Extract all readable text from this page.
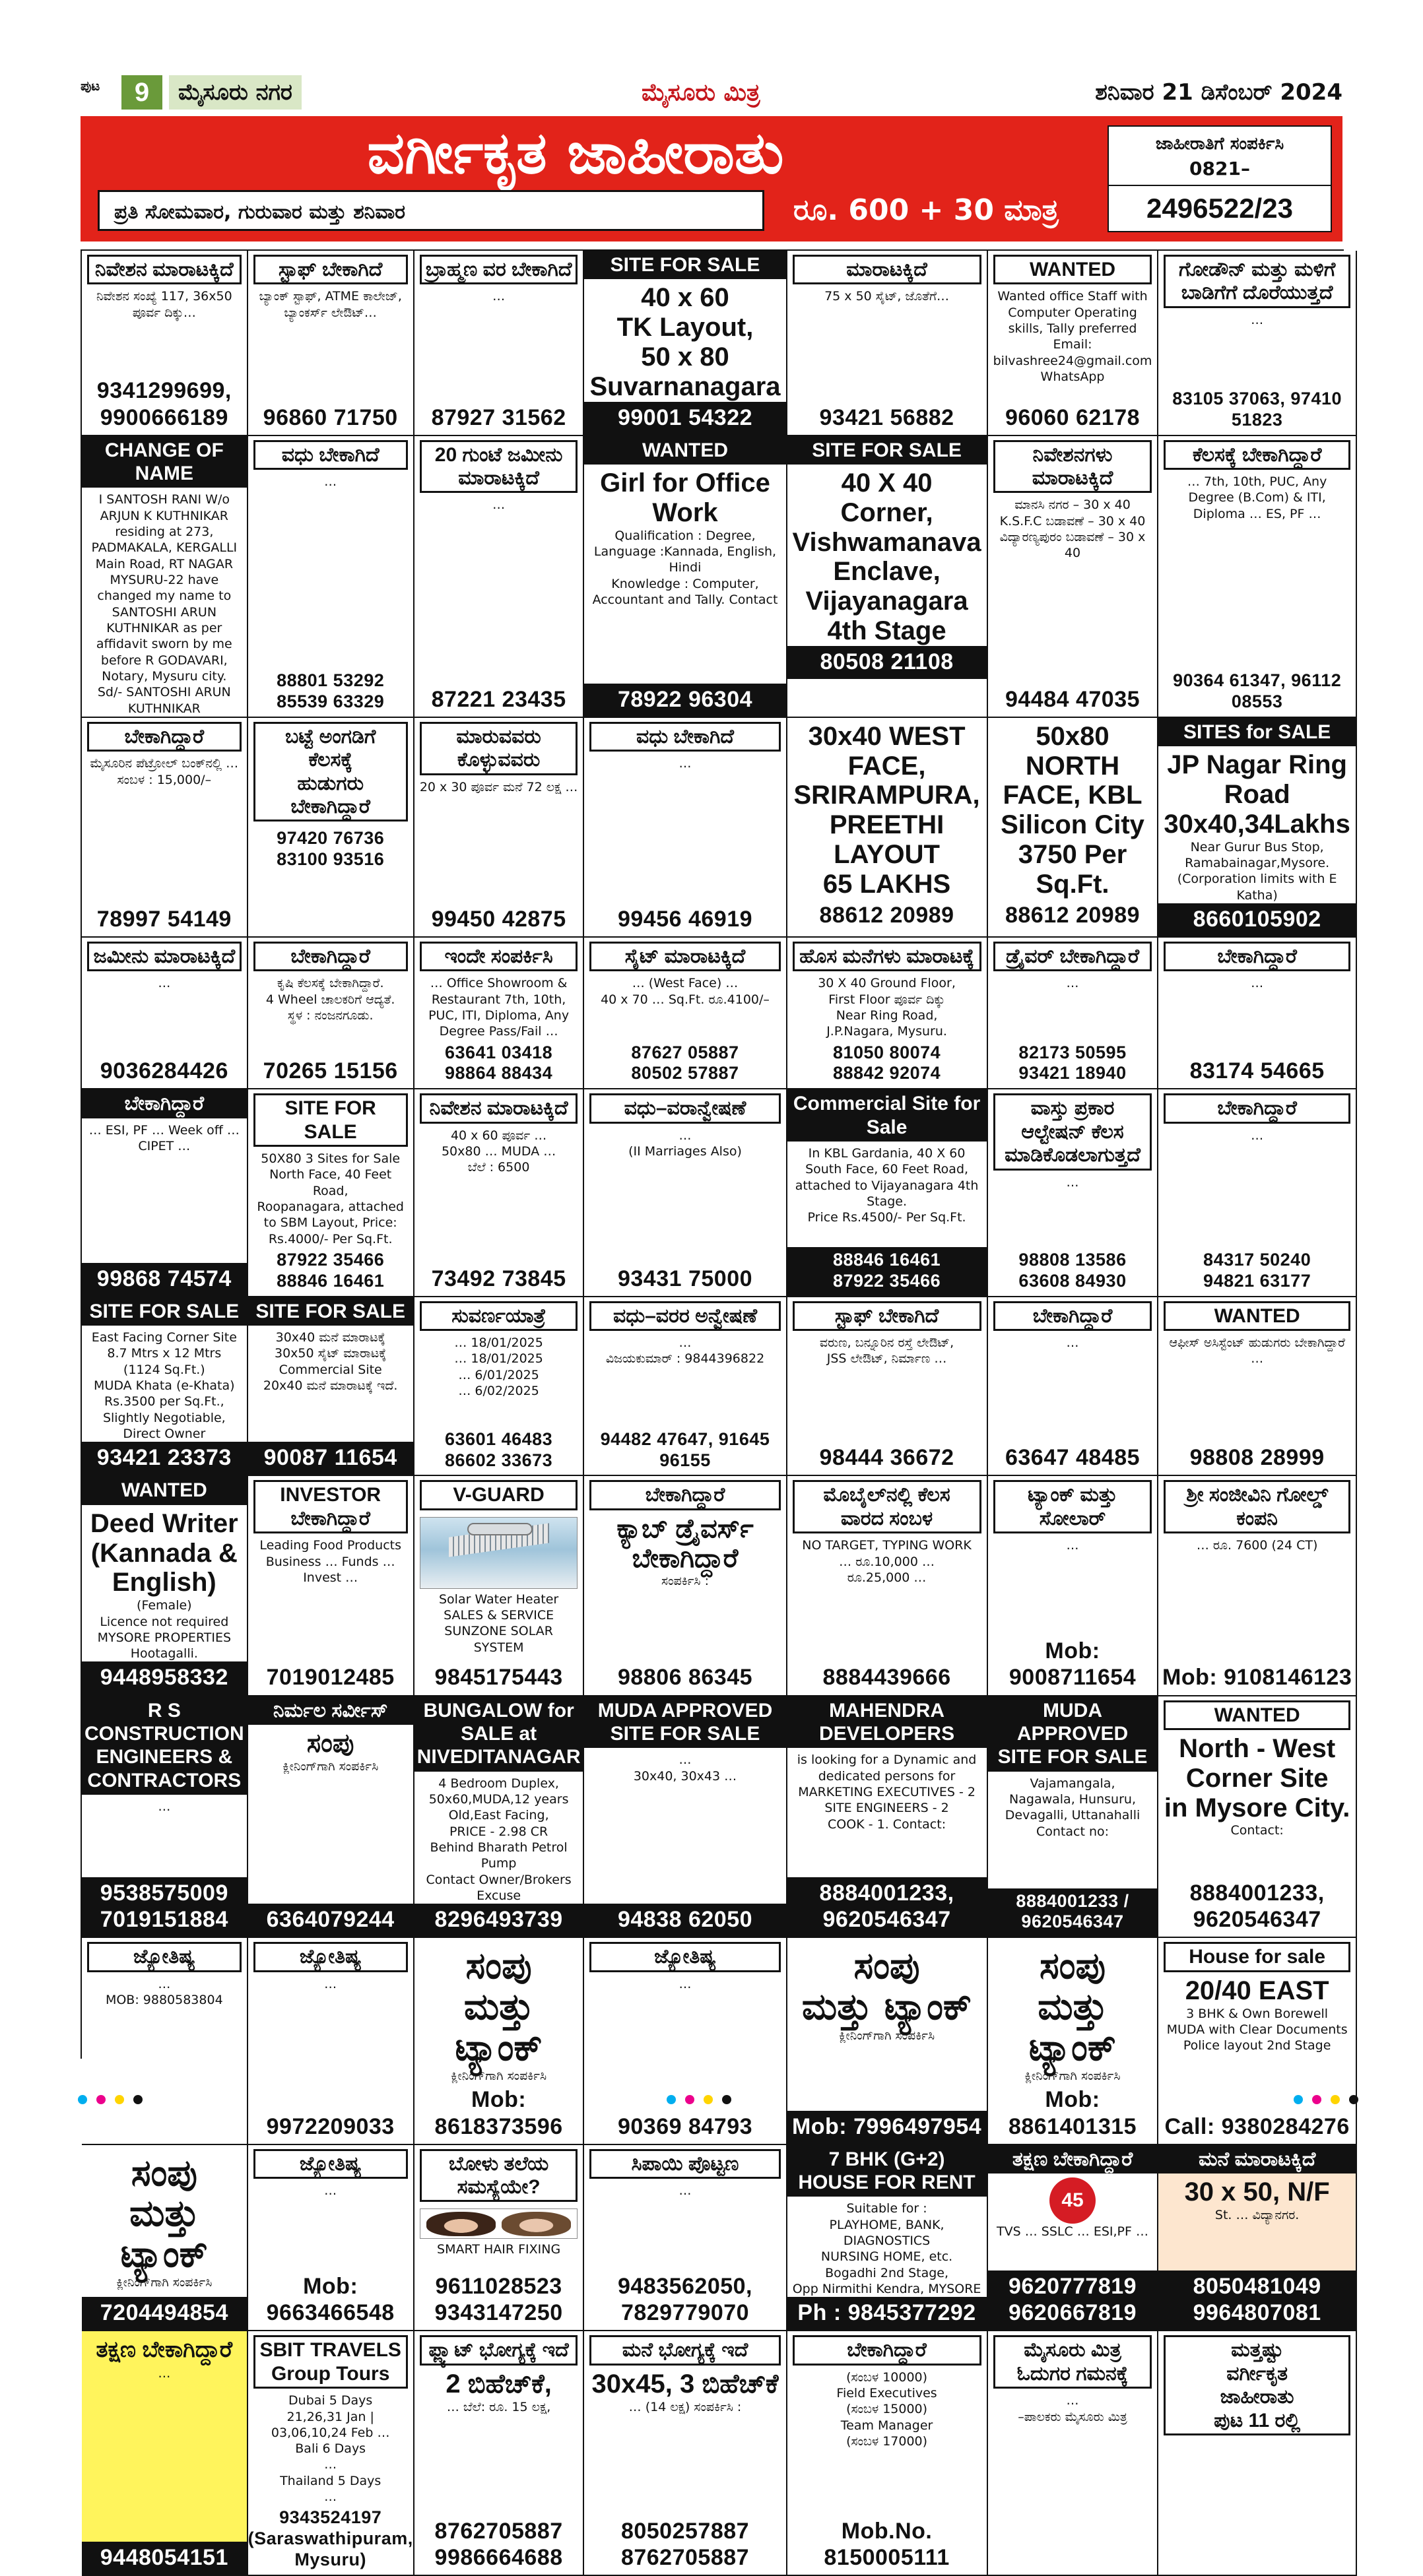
ಪುಟ	9	ಮೈಸೂರು ನಗರ	ಮೈಸೂರು ಮಿತ್ರ	ಶನಿವಾರ 21 ಡಿಸೆಂಬರ್ 2024
ವರ್ಗೀಕೃತ ಜಾಹೀರಾತು
ಪ್ರತಿ ಸೋಮವಾರ, ಗುರುವಾರ ಮತ್ತು ಶನಿವಾರ	ರೂ. 600 + 30 ಮಾತ್ರ
ಜಾಹೀರಾತಿಗೆ ಸಂಪರ್ಕಿಸಿ
0821–
2496522/23
ನಿವೇಶನ ಮಾರಾಟಕ್ಕಿದೆ
ನಿವೇಶನ ಸಂಖ್ಯೆ 117, 36x50 ಪೂರ್ವ ದಿಕ್ಕು…
9341299699, 9900666189
ಸ್ಟಾಫ್ ಬೇಕಾಗಿದೆ
ಬ್ಯಾಂಕ್ ಸ್ಟಾಫ್, ATME ಕಾಲೇಜ್, ಬ್ಯಾಂಕರ್ಸ್ ಲೇಔಟ್…
96860 71750
ಬ್ರಾಹ್ಮಣ ವರ ಬೇಕಾಗಿದೆ
…
87927 31562
SITE FOR SALE
40 x 60
TK Layout,
50 x 80
Suvarnanagara
99001 54322
ಮಾರಾಟಕ್ಕಿದೆ
75 x 50 ಸೈಟ್, ಜೊತೆಗೆ…
93421 56882
WANTED
Wanted office Staff with Computer Operating skills, Tally preferred
Email: bilvashree24@gmail.com
WhatsApp
96060 62178
ಗೋಡೌನ್ ಮತ್ತು ಮಳಿಗೆ ಬಾಡಿಗೆಗೆ ದೊರೆಯುತ್ತದೆ
…
83105 37063, 97410 51823
CHANGE OF NAME
I SANTOSH RANI W/o ARJUN K KUTHNIKAR residing at 273, PADMAKALA, KERGALLI Main Road, RT NAGAR MYSURU-22 have changed my name to SANTOSHI ARUN KUTHNIKAR as per affidavit sworn by me before R GODAVARI, Notary, Mysuru city.
Sd/- SANTOSHI ARUN KUTHNIKAR
ವಧು ಬೇಕಾಗಿದೆ
…
88801 53292
85539 63329
20 ಗುಂಟೆ ಜಮೀನು ಮಾರಾಟಕ್ಕಿದೆ
…
87221 23435
WANTED
Girl for Office Work
Qualification : Degree,
Language :Kannada, English, Hindi
Knowledge : Computer, Accountant and Tally. Contact
78922 96304
SITE FOR SALE
40 X 40 Corner,
Vishwamanava Enclave,
Vijayanagara 4th Stage
80508 21108
ನಿವೇಶನಗಳು ಮಾರಾಟಕ್ಕಿದೆ
ಮಾನಸಿ ನಗರ – 30 x 40
K.S.F.C ಬಡಾವಣೆ – 30 x 40
ವಿದ್ಯಾರಣ್ಯಪುರಂ ಬಡಾವಣೆ – 30 x 40
94484 47035
ಕೆಲಸಕ್ಕೆ ಬೇಕಾಗಿದ್ದಾರೆ
… 7th, 10th, PUC, Any Degree (B.Com) & ITI, Diploma … ES, PF …
90364 61347, 96112 08553
ಬೇಕಾಗಿದ್ದಾರೆ
ಮೈಸೂರಿನ ಪೆಟ್ರೋಲ್ ಬಂಕ್‌ನಲ್ಲಿ …
ಸಂಬಳ : 15,000/–
78997 54149
ಬಟ್ಟೆ ಅಂಗಡಿಗೆ
ಕೆಲಸಕ್ಕೆ
ಹುಡುಗರು
ಬೇಕಾಗಿದ್ದಾರೆ
97420 76736
83100 93516
ಮಾರುವವರು ಕೊಳ್ಳುವವರು
20 x 30 ಪೂರ್ವ ಮನೆ 72 ಲಕ್ಷ …
99450 42875
ವಧು ಬೇಕಾಗಿದೆ
…
99456 46919
30x40 WEST
FACE, SRIRAMPURA,
PREETHI LAYOUT
65 LAKHS
88612 20989
50x80 NORTH
FACE, KBL
Silicon City
3750 Per Sq.Ft.
88612 20989
SITES for SALE
JP Nagar Ring Road
30x40,34Lakhs
Near Gurur Bus Stop,
Ramabainagar,Mysore.
(Corporation limits with E Katha)
8660105902
ಜಮೀನು ಮಾರಾಟಕ್ಕಿದೆ
…
9036284426
ಬೇಕಾಗಿದ್ದಾರೆ
ಕೃಷಿ ಕೆಲಸಕ್ಕೆ ಬೇಕಾಗಿದ್ದಾರೆ.
4 Wheel ಚಾಲಕರಿಗೆ ಆದ್ಯತೆ.
ಸ್ಥಳ : ನಂಜನಗೂಡು.
70265 15156
ಇಂದೇ ಸಂಪರ್ಕಿಸಿ
… Office Showroom & Restaurant 7th, 10th, PUC, ITI, Diploma, Any Degree Pass/Fail …
63641 03418
98864 88434
ಸೈಟ್ ಮಾರಾಟಕ್ಕಿದೆ
… (West Face) …
40 x 70 … Sq.Ft. ರೂ.4100/–
87627 05887
80502 57887
ಹೊಸ ಮನೆಗಳು ಮಾರಾಟಕ್ಕೆ
30 X 40 Ground Floor,
First Floor ಪೂರ್ವ ದಿಕ್ಕು
Near Ring Road,
J.P.Nagara, Mysuru.
81050 80074
88842 92074
ಡ್ರೈವರ್ ಬೇಕಾಗಿದ್ದಾರೆ
…
82173 50595
93421 18940
ಬೇಕಾಗಿದ್ದಾರೆ
…
83174 54665
ಬೇಕಾಗಿದ್ದಾರೆ
… ESI, PF … Week off … CIPET …
99868 74574
SITE FOR SALE
50X80 3 Sites for Sale
North Face, 40 Feet Road,
Roopanagara, attached to SBM Layout, Price: Rs.4000/- Per Sq.Ft.
87922 35466
88846 16461
ನಿವೇಶನ ಮಾರಾಟಕ್ಕಿದೆ
40 x 60 ಪೂರ್ವ …
50x80 … MUDA …
ಬೆಲೆ : 6500
73492 73845
ವಧು–ವರಾನ್ವೇಷಣೆ
…
(II Marriages Also)
93431 75000
Commercial Site for Sale
In KBL Gardania, 40 X 60 South Face, 60 Feet Road, attached to Vijayanagara 4th Stage.
Price Rs.4500/- Per Sq.Ft.
88846 16461
87922 35466
ವಾಸ್ತು ಪ್ರಕಾರ ಆಲ್ಟೇಷನ್ ಕೆಲಸ ಮಾಡಿಕೊಡಲಾಗುತ್ತದೆ
…
98808 13586
63608 84930
ಬೇಕಾಗಿದ್ದಾರೆ
…
84317 50240
94821 63177
SITE FOR SALE
East Facing Corner Site
8.7 Mtrs x 12 Mtrs (1124 Sq.Ft.)
MUDA Khata (e-Khata)
Rs.3500 per Sq.Ft., Slightly Negotiable, Direct Owner
93421 23373
SITE FOR SALE
30x40 ಮನೆ ಮಾರಾಟಕ್ಕೆ
30x50 ಸೈಟ್ ಮಾರಾಟಕ್ಕೆ
Commercial Site
20x40 ಮನೆ ಮಾರಾಟಕ್ಕೆ ಇದೆ.
90087 11654
ಸುವರ್ಣಯಾತ್ರೆ
… 18/01/2025
… 18/01/2025
… 6/01/2025
… 6/02/2025
63601 46483
86602 33673
ವಧು–ವರರ ಅನ್ವೇಷಣೆ
…
ವಿಜಯಕುಮಾರ್ : 9844396822
94482 47647, 91645 96155
ಸ್ಟಾಫ್ ಬೇಕಾಗಿದೆ
ವರುಣ, ಬನ್ನೂರಿನ ರಸ್ತೆ ಲೇಔಟ್,
JSS ಲೇಔಟ್, ನಿರ್ಮಾಣ …
98444 36672
ಬೇಕಾಗಿದ್ದಾರೆ
…
63647 48485
WANTED
ಆಫೀಸ್ ಅಸಿಸ್ಟೆಂಟ್ ಹುಡುಗರು ಬೇಕಾಗಿದ್ದಾರೆ
…
98808 28999
WANTED
Deed Writer
(Kannada & English)
(Female)
Licence not required
MYSORE PROPERTIES
Hootagalli.
9448958332
INVESTOR ಬೇಕಾಗಿದ್ದಾರೆ
Leading Food Products Business … Funds … Invest …
7019012485
V-GUARD
Solar Water Heater
SALES & SERVICE
SUNZONE SOLAR SYSTEM
9845175443
ಬೇಕಾಗಿದ್ದಾರೆ
ಕ್ಯಾಬ್ ಡ್ರೈವರ್ಸ್
ಬೇಕಾಗಿದ್ದಾರೆ
ಸಂಪರ್ಕಿಸಿ :
98806 86345
ಮೊಬೈಲ್‌ನಲ್ಲಿ ಕೆಲಸ
ವಾರದ ಸಂಬಳ
NO TARGET, TYPING WORK
… ರೂ.10,000 …
ರೂ.25,000 …
8884439666
ಟ್ಯಾಂಕ್ ಮತ್ತು ಸೋಲಾರ್
…
Mob: 9008711654
ಶ್ರೀ ಸಂಜೀವಿನಿ ಗೋಲ್ಡ್ ಕಂಪನಿ
… ರೂ. 7600 (24 CT)
Mob: 9108146123
R S CONSTRUCTION
ENGINEERS & CONTRACTORS
…
9538575009
7019151884
ನಿರ್ಮಲ ಸರ್ವೀಸ್
ಸಂಪು
ಕ್ಲೀನಿಂಗ್‌ಗಾಗಿ ಸಂಪರ್ಕಿಸಿ
6364079244
BUNGALOW for SALE at NIVEDITANAGAR
4 Bedroom Duplex,
50x60,MUDA,12 years Old,East Facing,
PRICE - 2.98 CR
Behind Bharath Petrol Pump
Contact Owner/Brokers Excuse
8296493739
MUDA APPROVED
SITE FOR SALE
…
30x40, 30x43 …
94838 62050
MAHENDRA DEVELOPERS
is looking for a Dynamic and dedicated persons for
MARKETING EXECUTIVES - 2
SITE ENGINEERS - 2
COOK - 1. Contact:
8884001233, 9620546347
MUDA APPROVED
SITE FOR SALE
Vajamangala,
Nagawala, Hunsuru,
Devagalli, Uttanahalli
Contact no:
8884001233 / 9620546347
WANTED
North - West
Corner Site
in Mysore City.
Contact:
8884001233, 9620546347
ಜ್ಯೋತಿಷ್ಯ
…
MOB: 9880583804
ಜ್ಯೋತಿಷ್ಯ
…
9972209033
ಸಂಪು
ಮತ್ತು ಟ್ಯಾಂಕ್
ಕ್ಲೀನಿಂಗ್‌ಗಾಗಿ ಸಂಪರ್ಕಿಸಿ
Mob: 8618373596
ಜ್ಯೋತಿಷ್ಯ
…
90369 84793
ಸಂಪು
ಮತ್ತು ಟ್ಯಾಂಕ್
ಕ್ಲೀನಿಂಗ್‌ಗಾಗಿ ಸಂಪರ್ಕಿಸಿ
Mob: 7996497954
ಸಂಪು
ಮತ್ತು ಟ್ಯಾಂಕ್
ಕ್ಲೀನಿಂಗ್‌ಗಾಗಿ ಸಂಪರ್ಕಿಸಿ
Mob: 8861401315
House for sale
20/40 EAST
3 BHK & Own Borewell
MUDA with Clear Documents
Police layout 2nd Stage
Call: 9380284276
ಸಂಪು
ಮತ್ತು ಟ್ಯಾಂಕ್
ಕ್ಲೀನಿಂಗ್‌ಗಾಗಿ ಸಂಪರ್ಕಿಸಿ
7204494854
ಜ್ಯೋತಿಷ್ಯ
…
Mob: 9663466548
ಬೋಳು ತಲೆಯ ಸಮಸ್ಯೆಯೇ?
SMART HAIR FIXING
9611028523 9343147250
ಸಿಪಾಯಿ ಪೊಟ್ಟಣ
…
9483562050, 7829779070
7 BHK (G+2)
HOUSE FOR RENT
Suitable for :
PLAYHOME, BANK,
DIAGNOSTICS
NURSING HOME, etc.
Bogadhi 2nd Stage,
Opp Nirmithi Kendra, MYSORE
Ph : 9845377292
ತಕ್ಷಣ ಬೇಕಾಗಿದ್ದಾರೆ
45
TVS … SSLC … ESI,PF …
9620777819
9620667819
ಮನೆ ಮಾರಾಟಕ್ಕಿದೆ
30 x 50, N/F
St. … ವಿದ್ಯಾನಗರ.
8050481049
9964807081
ತಕ್ಷಣ ಬೇಕಾಗಿದ್ದಾರೆ
…
9448054151
SBIT TRAVELS
Group Tours
Dubai 5 Days
21,26,31 Jan | 03,06,10,24 Feb …
Bali 6 Days
…
Thailand 5 Days
…
9343524197
(Saraswathipuram, Mysuru)
ಫ್ಲ್ಯಾಟ್ ಭೋಗ್ಯಕ್ಕೆ ಇದೆ
2 ಬಿಹೆಚ್‌ಕೆ,
… ಬೆಲೆ: ರೂ. 15 ಲಕ್ಷ,
8762705887
9986664688
ಮನೆ ಭೋಗ್ಯಕ್ಕೆ ಇದೆ
30x45, 3 ಬಿಹೆಚ್‌ಕೆ
… (14 ಲಕ್ಷ) ಸಂಪರ್ಕಿಸಿ :
8050257887
8762705887
ಬೇಕಾಗಿದ್ದಾರೆ
(ಸಂಬಳ 10000)
Field Executives
(ಸಂಬಳ 15000)
Team Manager
(ಸಂಬಳ 17000)
Mob.No. 8150005111
ಮೈಸೂರು ಮಿತ್ರ
ಓದುಗರ ಗಮನಕ್ಕೆ
…
–ಪಾಲಕರು ಮೈಸೂರು ಮಿತ್ರ
ಮತ್ತಷ್ಟು
ವರ್ಗೀಕೃತ
ಜಾಹೀರಾತು
ಪುಟ 11 ರಲ್ಲಿ
